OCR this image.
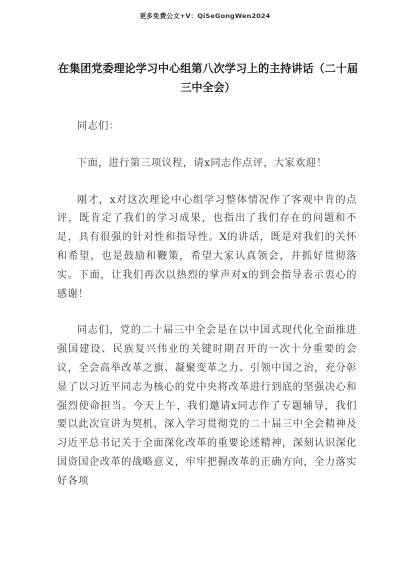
更多免费公文+V：QiSeGongWen2024
在集团党委理论学习中心组第八次学习上的主持讲话（二十届三中全会）

同志们：

下面，进行第三项议程，请x同志作点评，大家欢迎！

刚才，x对这次理论中心组学习整体情况作了客观中肯的点评，既肯定了我们的学习成果，也指出了我们存在的问题和不足，具有很强的针对性和指导性。X的讲话，既是对我们的关怀和希望，也是鼓励和鞭策，希望大家认真领会，并抓好贯彻落实。下面，让我们再次以热烈的掌声对x的到会指导表示衷心的感谢！

同志们，党的二十届三中全会是在以中国式现代化全面推进强国建设、民族复兴伟业的关键时期召开的一次十分重要的会议，全会高举改革之旗、凝聚变革之力、引领中国之治，充分彰显了以习近平同志为核心的党中央将改革进行到底的坚强决心和强烈使命担当。今天上午，我们邀请x同志作了专题辅导，我们要以此次宣讲为契机，深入学习贯彻党的二十届三中全会精神及习近平总书记关于全面深化改革的重要论述精神，深刻认识深化国资国企改革的战略意义，牢牢把握改革的正确方向，全力落实好各项
